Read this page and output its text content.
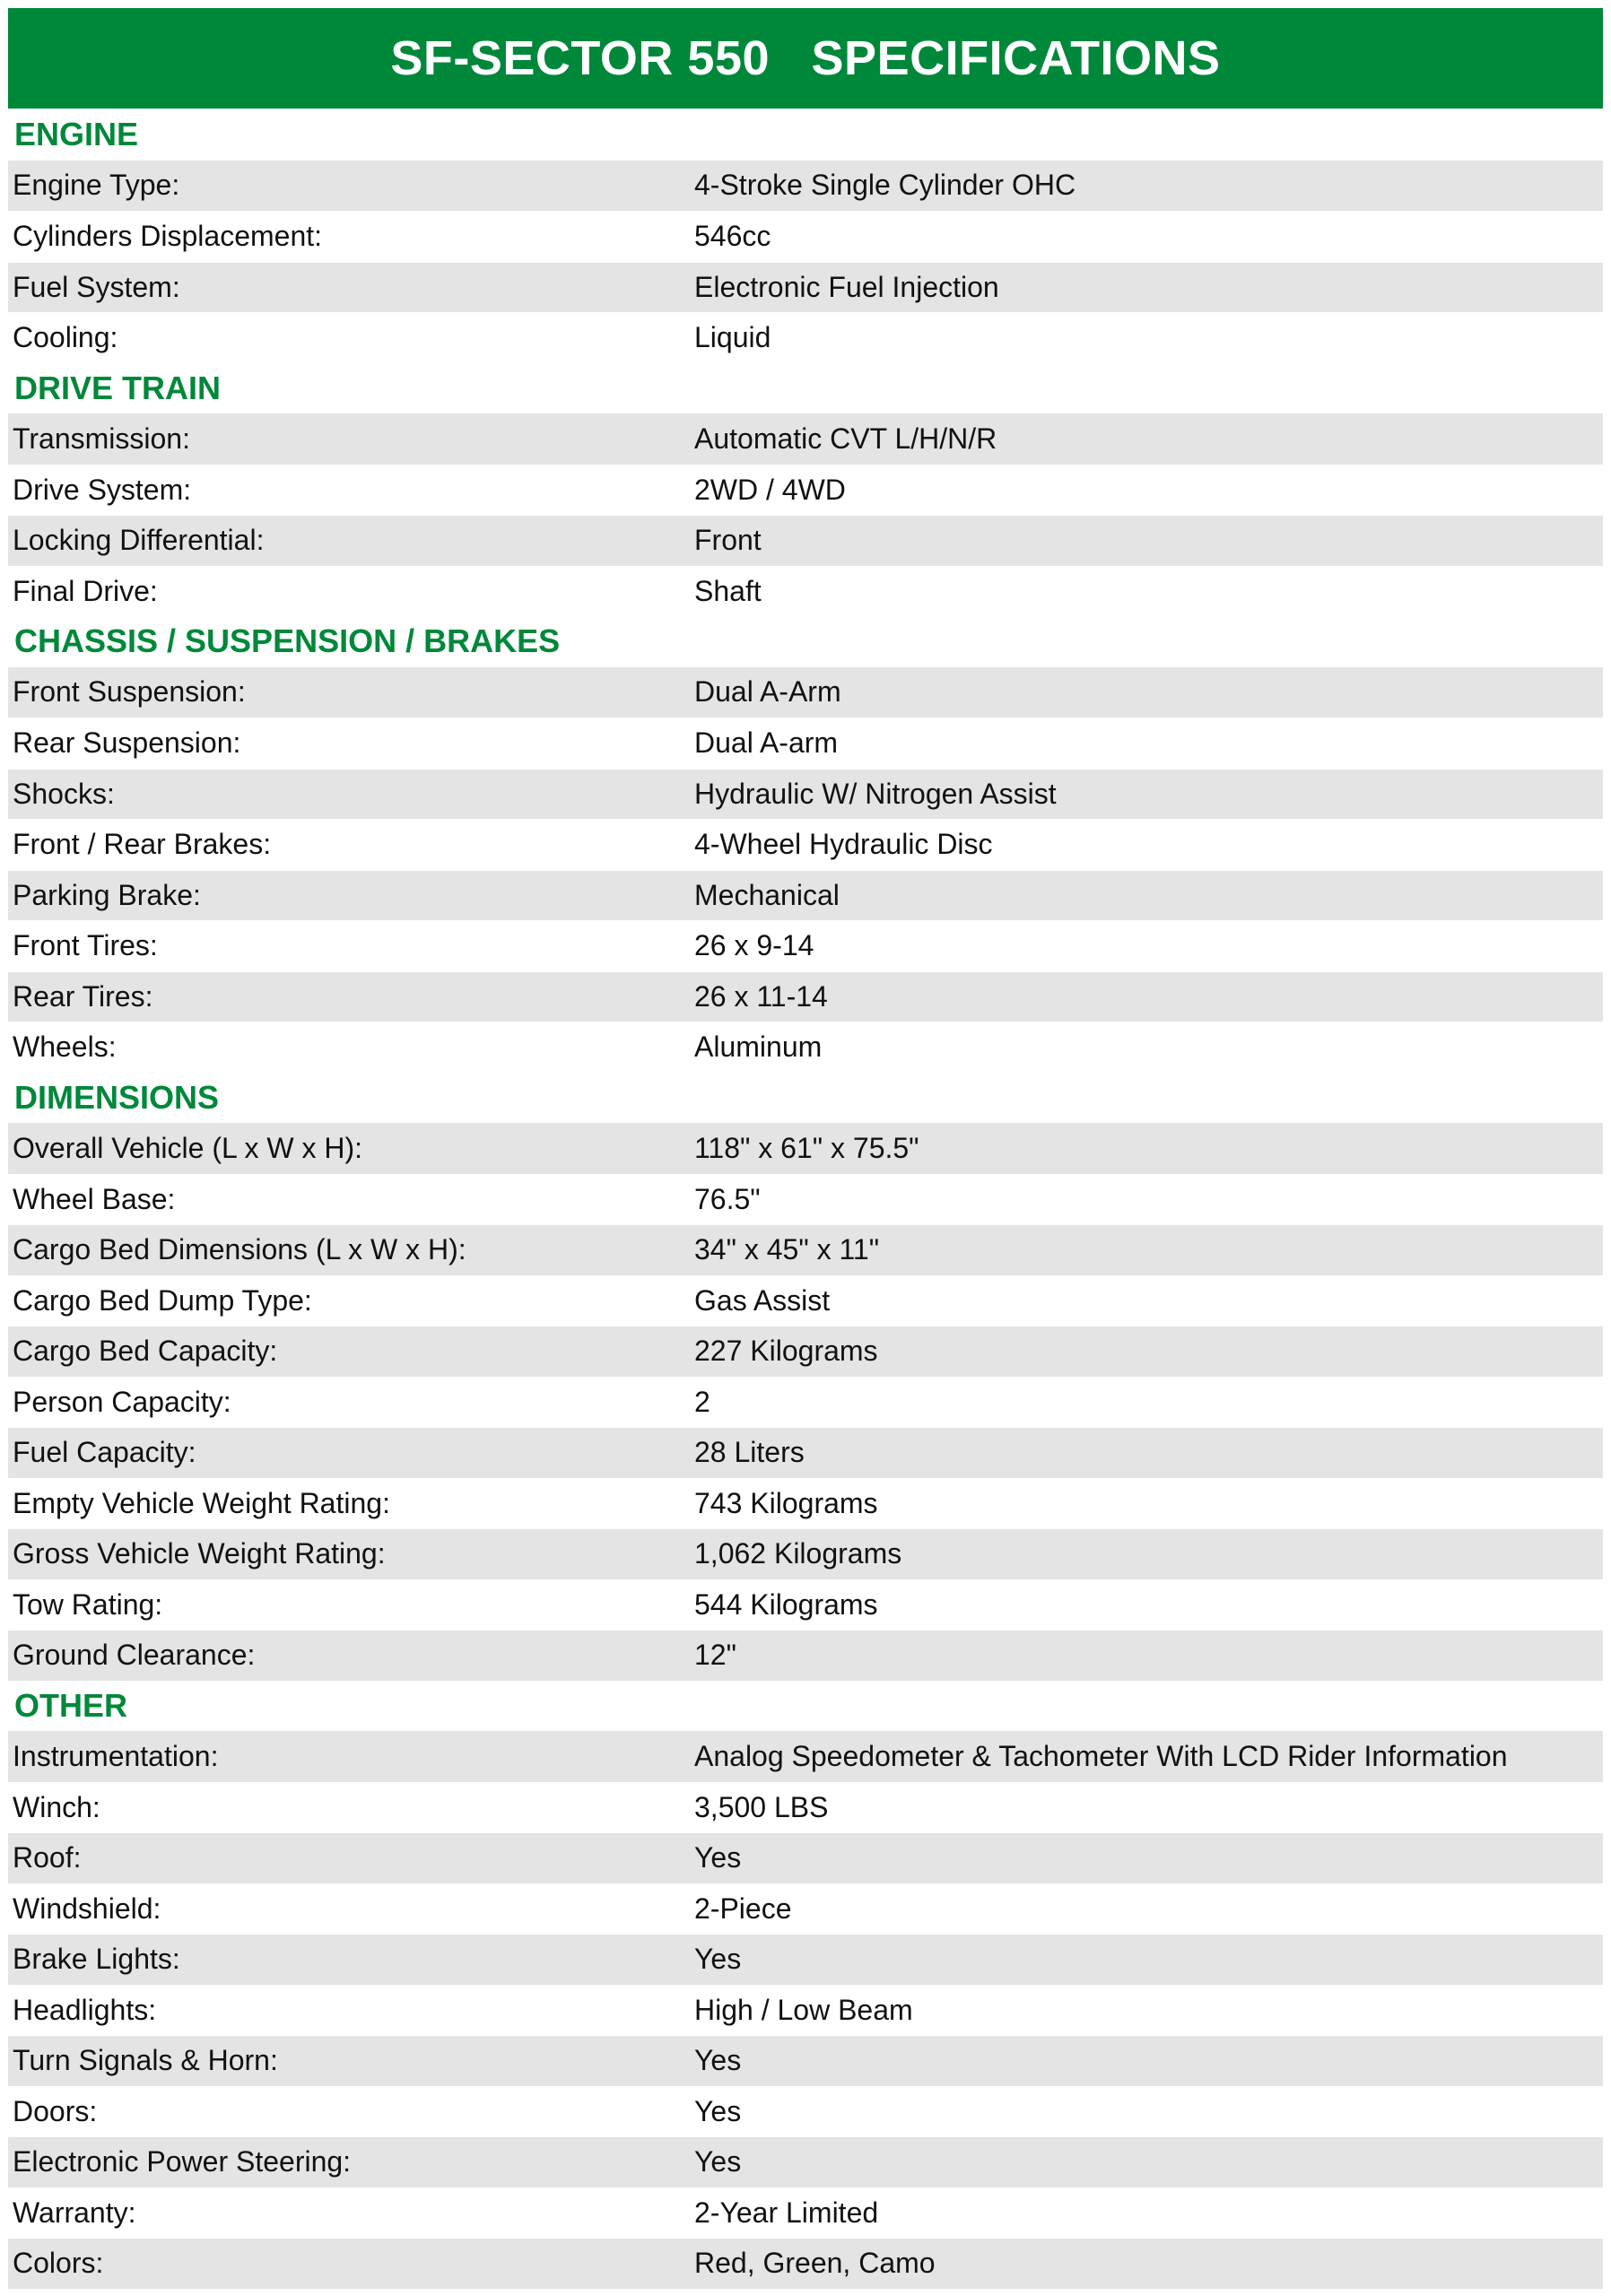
SF-SECTOR 550   SPECIFICATIONS
ENGINE
Engine Type:	4-Stroke Single Cylinder OHC
Cylinders Displacement:	546cc
Fuel System:	Electronic Fuel Injection
Cooling:	Liquid
DRIVE TRAIN
Transmission:	Automatic CVT L/H/N/R
Drive System:	2WD / 4WD
Locking Differential:	Front
Final Drive:	Shaft
CHASSIS / SUSPENSION / BRAKES
Front Suspension:	Dual A-Arm
Rear Suspension:	Dual A-arm
Shocks:	Hydraulic W/ Nitrogen Assist
Front / Rear Brakes:	4-Wheel Hydraulic Disc
Parking Brake:	Mechanical
Front Tires:	26 x 9-14
Rear Tires:	26 x 11-14
Wheels:	Aluminum
DIMENSIONS
Overall Vehicle (L x W x H):	118" x 61" x 75.5"
Wheel Base:	76.5"
Cargo Bed Dimensions (L x W x H):	34" x 45" x 11"
Cargo Bed Dump Type:	Gas Assist
Cargo Bed Capacity:	227 Kilograms
Person Capacity:	2
Fuel Capacity:	28 Liters
Empty Vehicle Weight Rating:	743 Kilograms
Gross Vehicle Weight Rating:	1,062 Kilograms
Tow Rating:	544 Kilograms
Ground Clearance:	12"
OTHER
Instrumentation:	Analog Speedometer & Tachometer With LCD Rider Information
Winch:	3,500 LBS
Roof:	Yes
Windshield:	2-Piece
Brake Lights:	Yes
Headlights:	High / Low Beam
Turn Signals & Horn:	Yes
Doors:	Yes
Electronic Power Steering:	Yes
Warranty:	2-Year Limited
Colors:	Red, Green, Camo
